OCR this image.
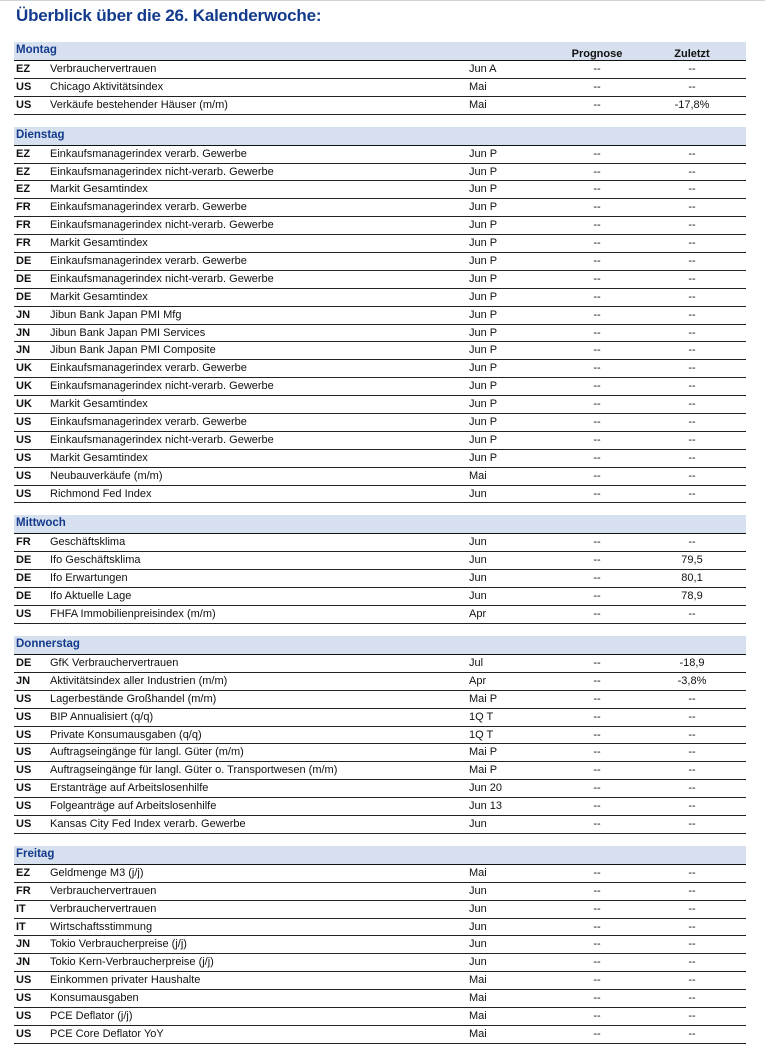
Überblick über die 26. Kalenderwoche:
Montag	Prognose	Zuletzt
EZ Verbrauchervertrauen	Jun A	--	--
US Chicago Aktivitätsindex	Mai	--	--
US Verkäufe bestehender Häuser (m/m)	Mai	--	-17,8%
Dienstag
EZ Einkaufsmanagerindex verarb. Gewerbe	Jun P	--	--
EZ Einkaufsmanagerindex nicht-verarb. Gewerbe	Jun P	--	--
EZ Markit Gesamtindex	Jun P	--	--
FR Einkaufsmanagerindex verarb. Gewerbe	Jun P	--	--
FR Einkaufsmanagerindex nicht-verarb. Gewerbe	Jun P	--	--
FR Markit Gesamtindex	Jun P	--	--
DE Einkaufsmanagerindex verarb. Gewerbe	Jun P	--	--
DE Einkaufsmanagerindex nicht-verarb. Gewerbe	Jun P	--	--
DE Markit Gesamtindex	Jun P	--	--
JN Jibun Bank Japan PMI Mfg	Jun P	--	--
JN Jibun Bank Japan PMI Services	Jun P	--	--
JN Jibun Bank Japan PMI Composite	Jun P	--	--
UK Einkaufsmanagerindex verarb. Gewerbe	Jun P	--	--
UK Einkaufsmanagerindex nicht-verarb. Gewerbe	Jun P	--	--
UK Markit Gesamtindex	Jun P	--	--
US Einkaufsmanagerindex verarb. Gewerbe	Jun P	--	--
US Einkaufsmanagerindex nicht-verarb. Gewerbe	Jun P	--	--
US Markit Gesamtindex	Jun P	--	--
US Neubauverkäufe (m/m)	Mai	--	--
US Richmond Fed Index	Jun	--	--
Mittwoch
FR Geschäftsklima	Jun	--	--
DE Ifo Geschäftsklima	Jun	--	79,5
DE Ifo Erwartungen	Jun	--	80,1
DE Ifo Aktuelle Lage	Jun	--	78,9
US FHFA Immobilienpreisindex (m/m)	Apr	--	--
Donnerstag
DE GfK Verbrauchervertrauen	Jul	--	-18,9
JN Aktivitätsindex aller Industrien (m/m)	Apr	--	-3,8%
US Lagerbestände Großhandel (m/m)	Mai P	--	--
US BIP Annualisiert (q/q)	1Q T	--	--
US Private Konsumausgaben (q/q)	1Q T	--	--
US Auftragseingänge für langl. Güter (m/m)	Mai P	--	--
US Auftragseingänge für langl. Güter o. Transportwesen (m/m)	Mai P	--	--
US Erstanträge auf Arbeitslosenhilfe	Jun 20	--	--
US Folgeanträge auf Arbeitslosenhilfe	Jun 13	--	--
US Kansas City Fed Index verarb. Gewerbe	Jun	--	--
Freitag
EZ Geldmenge M3 (j/j)	Mai	--	--
FR Verbrauchervertrauen	Jun	--	--
IT Verbrauchervertrauen	Jun	--	--
IT Wirtschaftsstimmung	Jun	--	--
JN Tokio Verbraucherpreise (j/j)	Jun	--	--
JN Tokio Kern-Verbraucherpreise (j/j)	Jun	--	--
US Einkommen privater Haushalte	Mai	--	--
US Konsumausgaben	Mai	--	--
US PCE Deflator (j/j)	Mai	--	--
US PCE Core Deflator YoY	Mai	--	--
